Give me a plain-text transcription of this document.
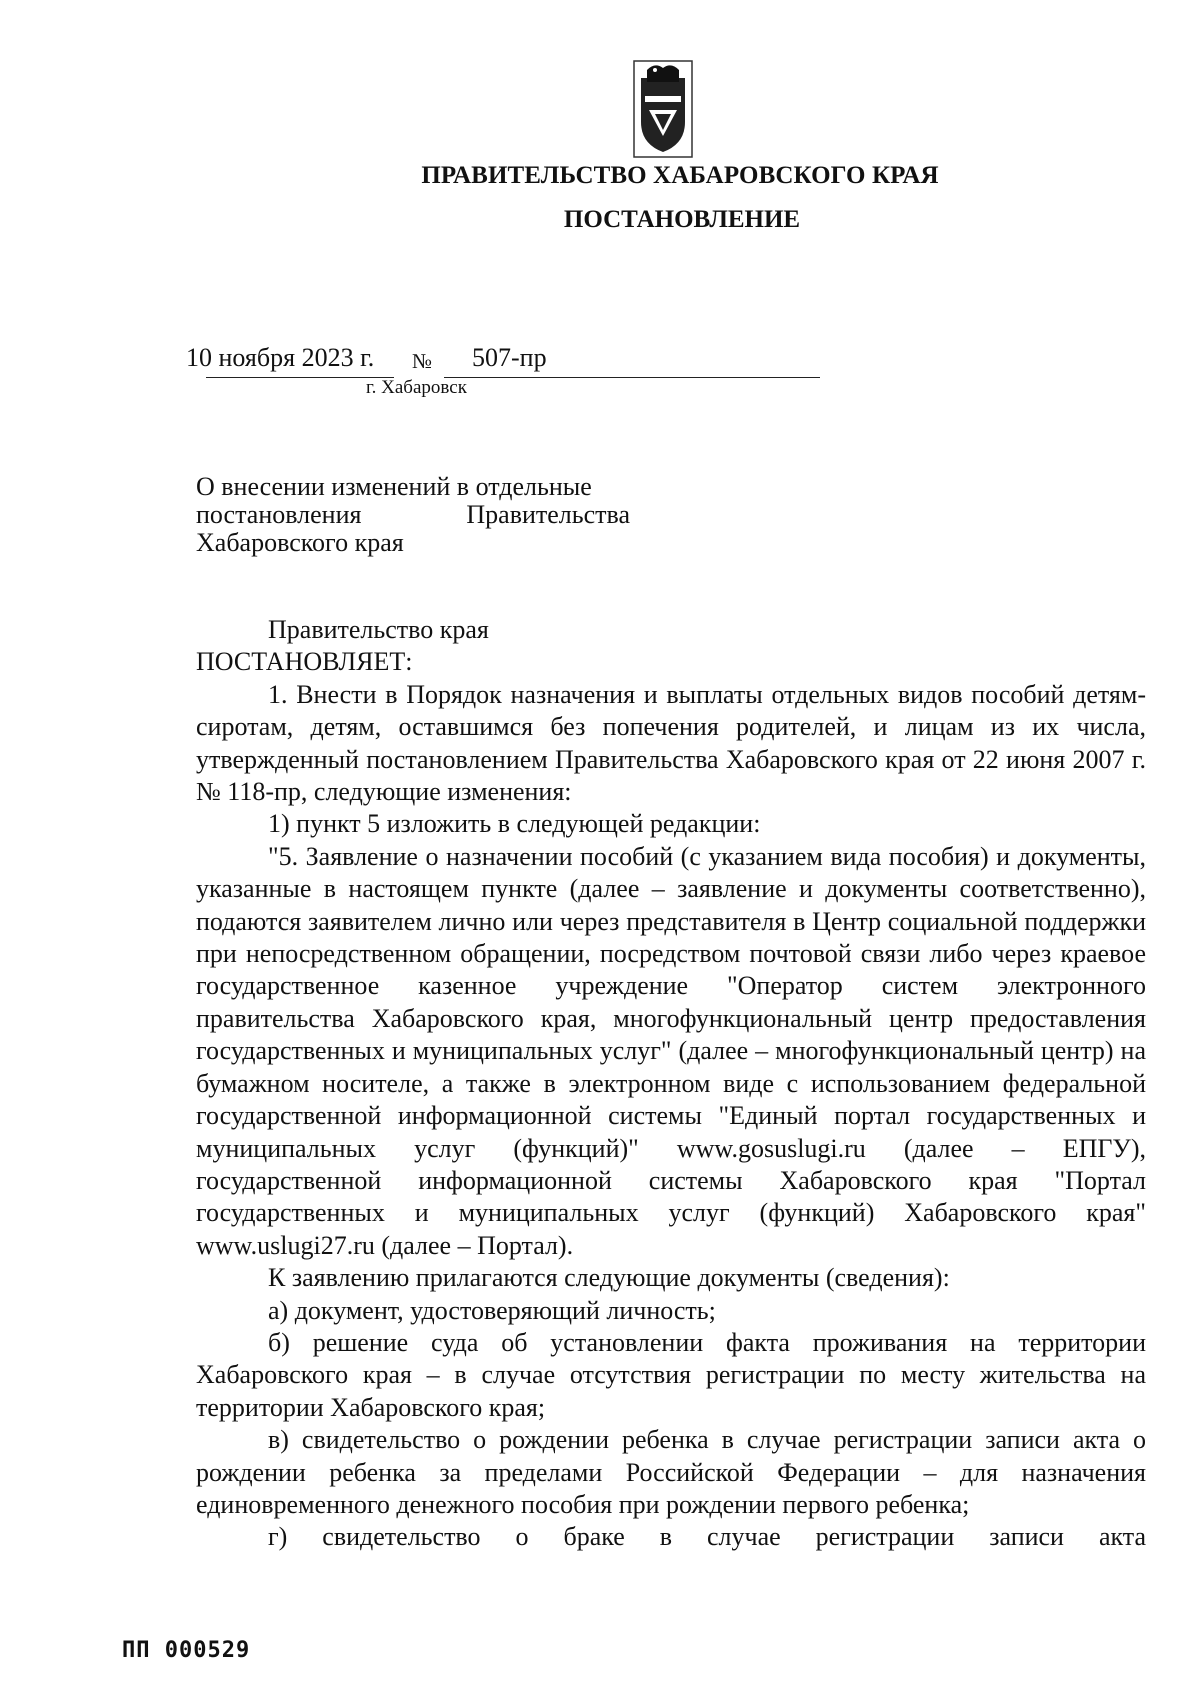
ПРАВИТЕЛЬСТВО ХАБАРОВСКОГО КРАЯ
ПОСТАНОВЛЕНИЕ
10 ноября 2023 г. № 507-пр
г. Хабаровск
О внесении изменений в отдельные
постановления	Правительства
Хабаровского края

Правительство края

ПОСТАНОВЛЯЕТ:

1. Внести в Порядок назначения и выплаты отдельных видов пособий детям-сиротам, детям, оставшимся без попечения родителей, и лицам из их числа, утвержденный постановлением Правительства Хабаровского края от 22 июня 2007 г. № 118-пр, следующие изменения:

1) пункт 5 изложить в следующей редакции:

"5. Заявление о назначении пособий (с указанием вида пособия) и документы, указанные в настоящем пункте (далее – заявление и документы соответственно), подаются заявителем лично или через представителя в Центр социальной поддержки при непосредственном обращении, посредством почтовой связи либо через краевое государственное казенное учреждение "Оператор систем электронного правительства Хабаровского края, многофункциональный центр предоставления государственных и муниципальных услуг" (далее – многофункциональный центр) на бумажном носителе, а также в электронном виде с использованием федеральной государственной информационной системы "Единый портал государственных и муниципальных услуг (функций)" www.gosuslugi.ru (далее – ЕПГУ), государственной информационной системы Хабаровского края "Портал государственных и муниципальных услуг (функций) Хабаровского края" www.uslugi27.ru (далее – Портал).

К заявлению прилагаются следующие документы (сведения):

а) документ, удостоверяющий личность;

б) решение суда об установлении факта проживания на территории Хабаровского края – в случае отсутствия регистрации по месту жительства на территории Хабаровского края;

в) свидетельство о рождении ребенка в случае регистрации записи акта о рождении ребенка за пределами Российской Федерации – для назначения единовременного денежного пособия при рождении первого ребенка;

г) свидетельство о браке в случае регистрации записи акта

ПП 000529
